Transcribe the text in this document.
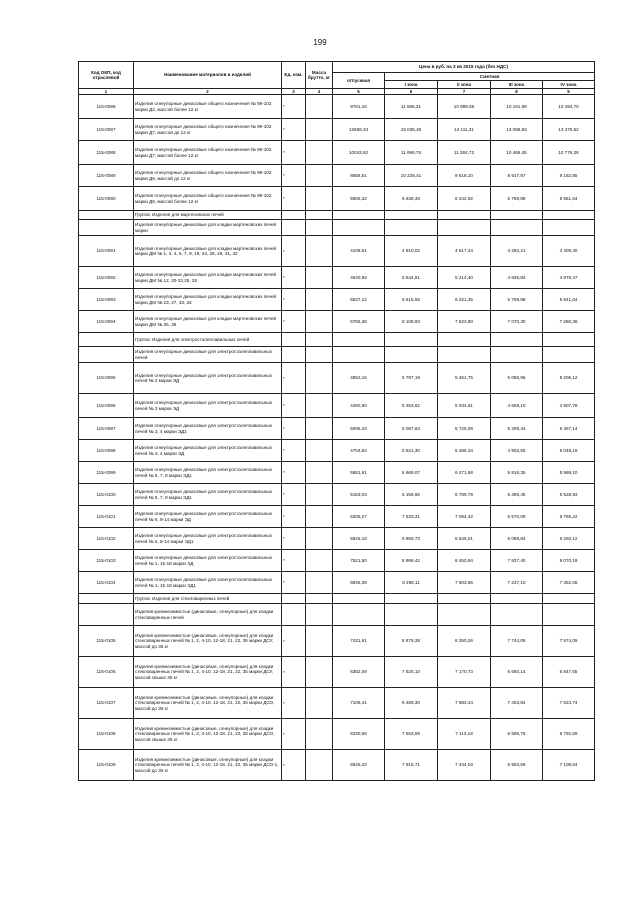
199
Код ОКП, код отраслевой	Наименование материалов и изделий	Ед. изм.	Масса брутто, кг	Цена в руб. на 3 кв 2015 года (без НДС)				
				отпускная	Сметная			
					I зона	II зона	III зона	IV зона
1	2	3	4	5	6	7	8	9
115-0086	Изделия огнеупорные динасовые общего назначения № 99-102 марки Д2, массой более 12 кг	т		9781,16	11 686,21	10 989,65	10 181,99	10 494,70
115-0087	Изделия огнеупорные динасовые общего назначения № 99-102 марки Д7, массой до 12 кг	т		12659,34	15 035,45	14 111,31	13 086,83	13 476,52
115-0088	Изделия огнеупорные динасовые общего назначения № 99-102 марки Д7, массой более 12 кг	т		10043,62	11 999,76	11 284,72	10 465,45	10 776,28
115-0089	Изделия огнеупорные динасовые общего назначения № 99-102 марки Д9, массой до 12 кг	т		8558,51	10 225,41	9 616,10	8 917,97	9 182,85
115-0090	Изделия огнеупорные динасовые общего назначения № 99-102 марки Д9, массой более 12 кг	т		5556,32	6 638,49	6 242,92	5 789,88	5 961,64
	Группа: Изделия для мартеновских печей							
	Изделия огнеупорные динасовые для кладки мартеновских печей марки							
115-0091	Изделия огнеупорные динасовые для кладки мартеновских печей марки ДМ № 1, 3, 4, 5, 7, 9, 19, 24, 28, 29, 31, 32	т		4108,51	4 910,02	4 617,44	4 282,21	4 409,40
115-0092	Изделия огнеупорные динасовые для кладки мартеновских печей марки ДМ № 12, 20-22,25, 26	т		4640,92	5 544,81	5 214,40	4 835,84	4 979,47
115-0093	Изделия огнеупорные динасовые для кладки мартеновских печей марки ДМ № 23, 27, 33, 34	т		5537,12	6 615,55	6 221,35	5 769,88	5 941,04
115-0094	Изделия огнеупорные динасовые для кладки мартеновских печей марки ДМ № 35, 36	т		6765,38	8 108,93	7 623,80	7 070,30	7 280,36
	Группа: Изделия для электросталеплавильных печей							
	Изделия огнеупорные динасовые для электросталеплавильных печей							
115-0095	Изделия огнеупорные динасовые для электросталеплавильных печей № 2 марки ЭД	т		4852,16	5 797,19	5 451,75	5 055,95	5 206,12
115-0096	Изделия огнеупорные динасовые для электросталеплавильных печей № 3 марки ЭД	т		4480,90	5 353,62	5 034,61	4 669,10	4 807,78
115-0097	Изделия огнеупорные динасовые для электросталеплавильных печей № 3, 4 марки ЭД1	т		5095,43	6 087,84	5 725,08	5 309,44	5 467,14
115-0098	Изделия огнеупорные динасовые для электросталеплавильных печей № 3, 4 марки ЭД	т		4704,84	5 621,30	5 286,34	4 902,55	5 048,18
115-0099	Изделия огнеупорные динасовые для электросталеплавильных печей № 5, 7, 8 марки ЭД1	т		5581,91	6 669,07	6 271,68	5 816,35	5 989,10
115-0100	Изделия огнеупорные динасовые для электросталеплавильных печей № 5, 7, 8 марки ЭД1	т		5153,03	6 156,66	5 789,79	5 369,45	5 528,93
115-0101	Изделия огнеупорные динасовые для электросталеплавильных печей № 6, 9-14 марки ЭД	т		6305,27	7 533,31	7 084,42	6 570,09	6 765,22
115-0102	Изделия огнеупорные динасовые для электросталеплавильных печей № 6, 9-14 марки ЭД1	т		5825,18	6 959,73	6 545,01	6 069,84	6 250,12
115-0103	Изделия огнеупорные динасовые для электросталеплавильных печей № 1, 15-18 марки ЭД	т		7521,50	8 986,42	8 450,94	7 837,40	8 070,18
115-0104	Изделия огнеупорные динасовые для электросталеплавильных печей № 1, 15-18 марки ЭД1	т		6946,39	8 298,11	7 803,66	7 237,10	7 452,05
	Группа: Изделия для стекловаренных печей							
	Изделия кремнеземистые (динасовые, огнеупорные) для кладки стекловаренных печей							
115-0105	Изделия кремнеземистые (динасовые, огнеупорные) для кладки стекловаренных печей № 1, 2, 4-10, 12-18, 21, 22, 35 марки ДСУ, массой до 35 кг	т		7431,91	8 879,38	8 350,26	7 744,05	7 974,05
115-0106	Изделия кремнеземистые (динасовые, огнеупорные) для кладки стекловаренных печей № 1, 2, 4-10, 12-18, 21, 22, 35 марки ДСУ, массой свыше 35 кг	т		6382,09	7 625,10	7 170,73	6 650,14	6 847,65
115-0107	Изделия кремнеземистые (динасовые, огнеупорные) для кладки стекловаренных печей № 1, 2, 4-10, 12-18, 21, 22, 35 марки ДСО, массой до 35 кг	т		7105,41	8 489,30	7 983,44	7 403,84	7 623,74
115-0108	Изделия кремнеземистые (динасовые, огнеупорные) для кладки стекловаренных печей № 1, 2, 4-10, 12-18, 21, 22, 35 марки ДСО, массой свыше 35 кг	т		6330,66	7 563,89	7 113,18	6 596,76	6 792,69
115-0109	Изделия кремнеземистые (динасовые, огнеупорные) для кладки стекловаренных печей № 1, 2, 4-10, 12-18, 21, 22, 35 марки ДСО-1, массой до 35 кг	т		6625,33	7 915,71	7 444,03	6 903,59	7 108,64
